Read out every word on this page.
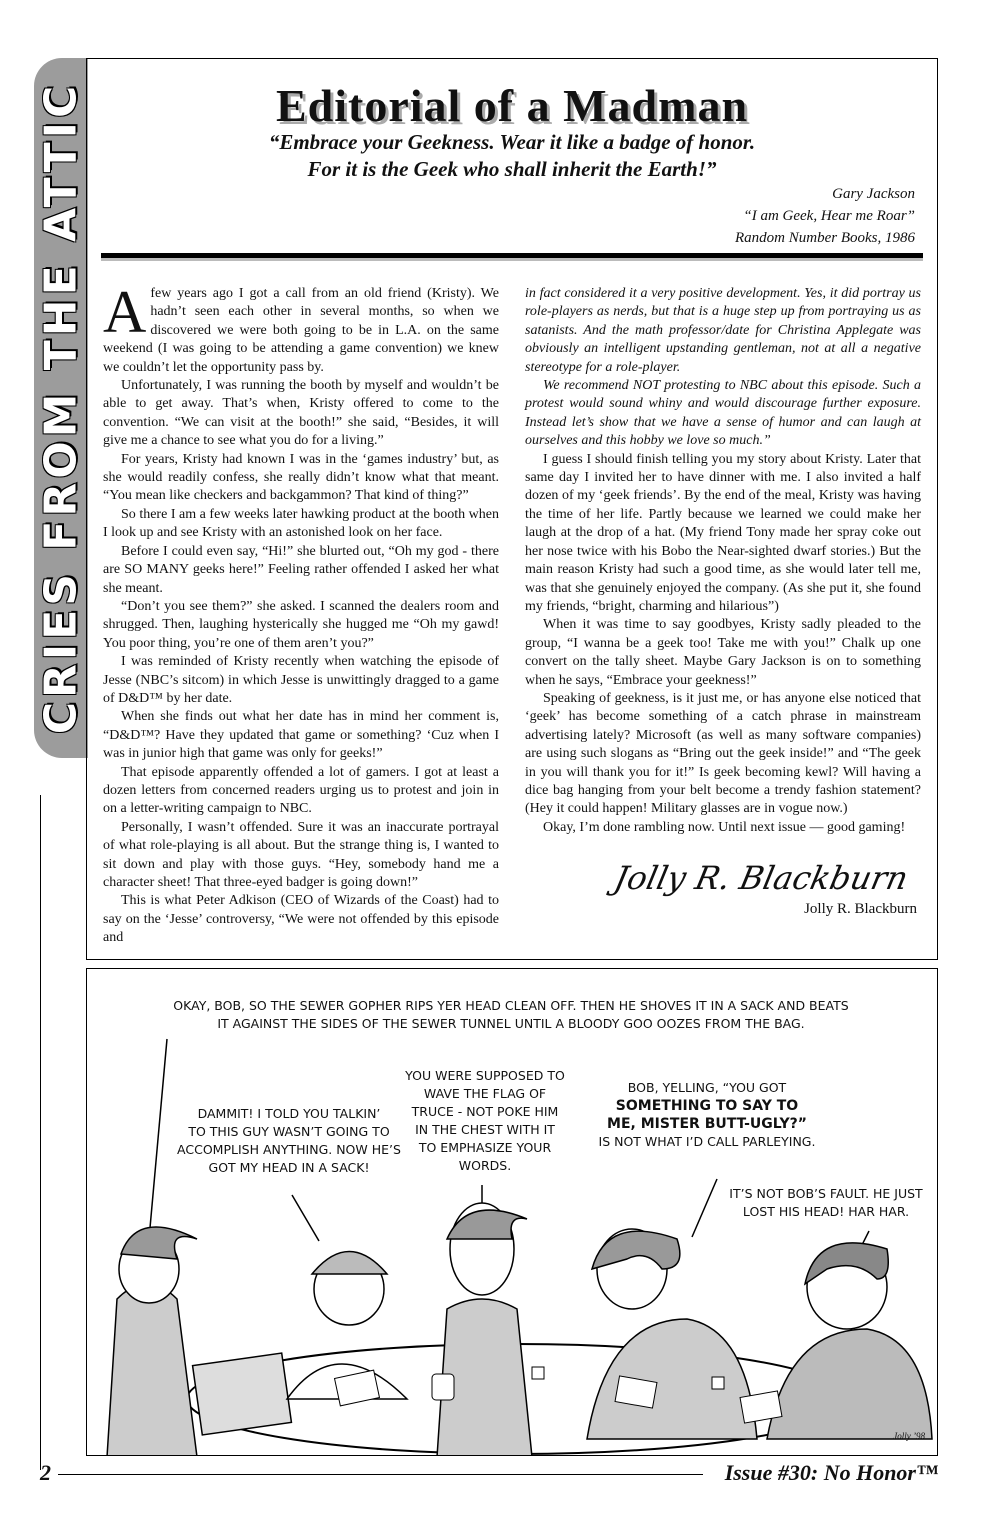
CRIES FROM THE ATTIC	Editorial of a Madman
“Embrace your Geekness. Wear it like a badge of honor.
For it is the Geek who shall inherit the Earth!”
Gary Jackson
“I am Geek, Hear me Roar”
Random Number Books, 1986

Afew years ago I got a call from an old friend (Kristy). We hadn’t seen each other in several months, so when we discovered we were both going to be in L.A. on the same weekend (I was going to be attending a game convention) we knew we couldn’t let the opportunity pass by.

Unfortunately, I was running the booth by myself and wouldn’t be able to get away. That’s when, Kristy offered to come to the convention. “We can visit at the booth!” she said, “Besides, it will give me a chance to see what you do for a living.”

For years, Kristy had known I was in the ‘games industry’ but, as she would readily confess, she really didn’t know what that meant. “You mean like checkers and backgammon? That kind of thing?”

So there I am a few weeks later hawking product at the booth when I look up and see Kristy with an astonished look on her face.

Before I could even say, “Hi!” she blurted out, “Oh my god - there are SO MANY geeks here!” Feeling rather offended I asked her what she meant.

“Don’t you see them?” she asked. I scanned the dealers room and shrugged. Then, laughing hysterically she hugged me “Oh my gawd! You poor thing, you’re one of them aren’t you?”

I was reminded of Kristy recently when watching the episode of Jesse (NBC’s sitcom) in which Jesse is unwittingly dragged to a game of D&D™ by her date.

When she finds out what her date has in mind her comment is, “D&D™? Have they updated that game or something? ‘Cuz when I was in junior high that game was only for geeks!”

That episode apparently offended a lot of gamers. I got at least a dozen letters from concerned readers urging us to protest and join in on a letter-writing campaign to NBC.

Personally, I wasn’t offended. Sure it was an inaccurate portrayal of what role-playing is all about. But the strange thing is, I wanted to sit down and play with those guys. “Hey, somebody hand me a character sheet! That three-eyed badger is going down!”

This is what Peter Adkison (CEO of Wizards of the Coast) had to say on the ‘Jesse’ controversy, “We were not offended by this episode and

in fact considered it a very positive development. Yes, it did portray us role-players as nerds, but that is a huge step up from portraying us as satanists. And the math professor/date for Christina Applegate was obviously an intelligent upstanding gentleman, not at all a negative stereotype for a role-player.

We recommend NOT protesting to NBC about this episode. Such a protest would sound whiny and would discourage further exposure. Instead let’s show that we have a sense of humor and can laugh at ourselves and this hobby we love so much.”

I guess I should finish telling you my story about Kristy. Later that same day I invited her to have dinner with me. I also invited a half dozen of my ‘geek friends’. By the end of the meal, Kristy was having the time of her life. Partly because we learned we could make her laugh at the drop of a hat. (My friend Tony made her spray coke out her nose twice with his Bobo the Near-sighted dwarf stories.) But the main reason Kristy had such a good time, as she would later tell me, was that she genuinely enjoyed the company. (As she put it, she found my friends, “bright, charming and hilarious”)

When it was time to say goodbyes, Kristy sadly pleaded to the group, “I wanna be a geek too! Take me with you!” Chalk up one convert on the tally sheet. Maybe Gary Jackson is on to something when he says, “Embrace your geekness!”

Speaking of geekness, is it just me, or has anyone else noticed that ‘geek’ has become something of a catch phrase in mainstream advertising lately? Microsoft (as well as many software companies) are using such slogans as “Bring out the geek inside!” and “The geek in you will thank you for it!” Is geek becoming kewl? Will having a dice bag hanging from your belt become a trendy fashion statement? (Hey it could happen! Military glasses are in vogue now.)

Okay, I’m done rambling now. Until next issue — good gaming!

Jolly R. Blackburn
Jolly R. Blackburn
OKAY, BOB, SO THE SEWER GOPHER RIPS YER HEAD CLEAN OFF. THEN HE SHOVES IT IN A SACK AND BEATS
IT AGAINST THE SIDES OF THE SEWER TUNNEL UNTIL A BLOODY GOO OOZES FROM THE BAG.
DAMMIT! I TOLD YOU TALKIN’
TO THIS GUY WASN’T GOING TO
ACCOMPLISH ANYTHING. NOW HE’S
GOT MY HEAD IN A SACK!
YOU WERE SUPPOSED TO
WAVE THE FLAG OF
TRUCE - NOT POKE HIM
IN THE CHEST WITH IT
TO EMPHASIZE YOUR
WORDS.
BOB, YELLING, “YOU GOT
SOMETHING TO SAY TO
ME, MISTER BUTT-UGLY?”
IS NOT WHAT I’D CALL PARLEYING.
IT’S NOT BOB’S FAULT. HE JUST
LOST HIS HEAD! HAR HAR.
Jolly ’98
2	Issue #30: No Honor™
